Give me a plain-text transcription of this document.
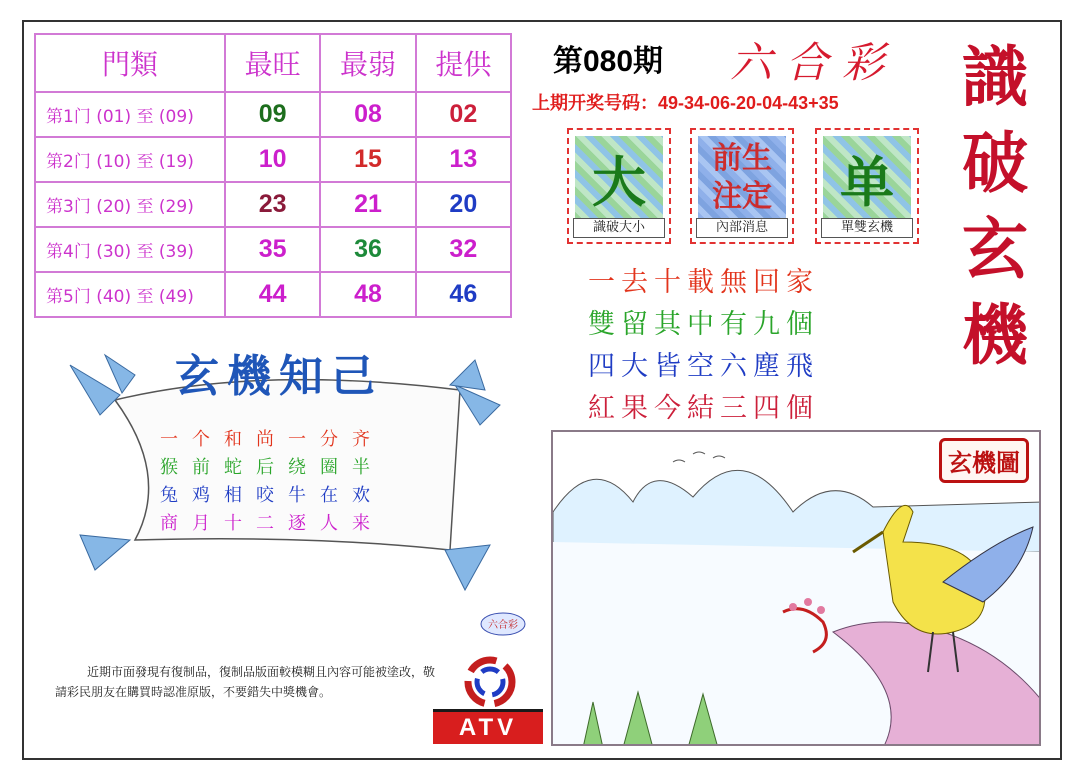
門類	最旺	最弱	提供
第1门 (01) 至 (09)	09	08	02
第2门 (10) 至 (19)	10	15	13
第3门 (20) 至 (29)	23	21	20
第4门 (30) 至 (39)	35	36	32
第5门 (40) 至 (49)	44	48	46
第080期 六合彩
上期开奖号码：49-34-06-20-04-43+35 識
破
玄
機
大
識破大小
前生
注定
內部消息
单
單雙玄機
一去十載無回家
雙留其中有九個
四大皆空六塵飛
紅果今結三四個
玄機知己
一个和尚一分齐
猴前蛇后绕圈半
兔鸡相咬牛在欢
商月十二逐人来
六合彩
近期市面發現有復制品，復制品版面較模糊且內容可能被塗改，敬請彩民朋友在購買時認准原版，不要錯失中獎機會。
ATV
玄機圖
